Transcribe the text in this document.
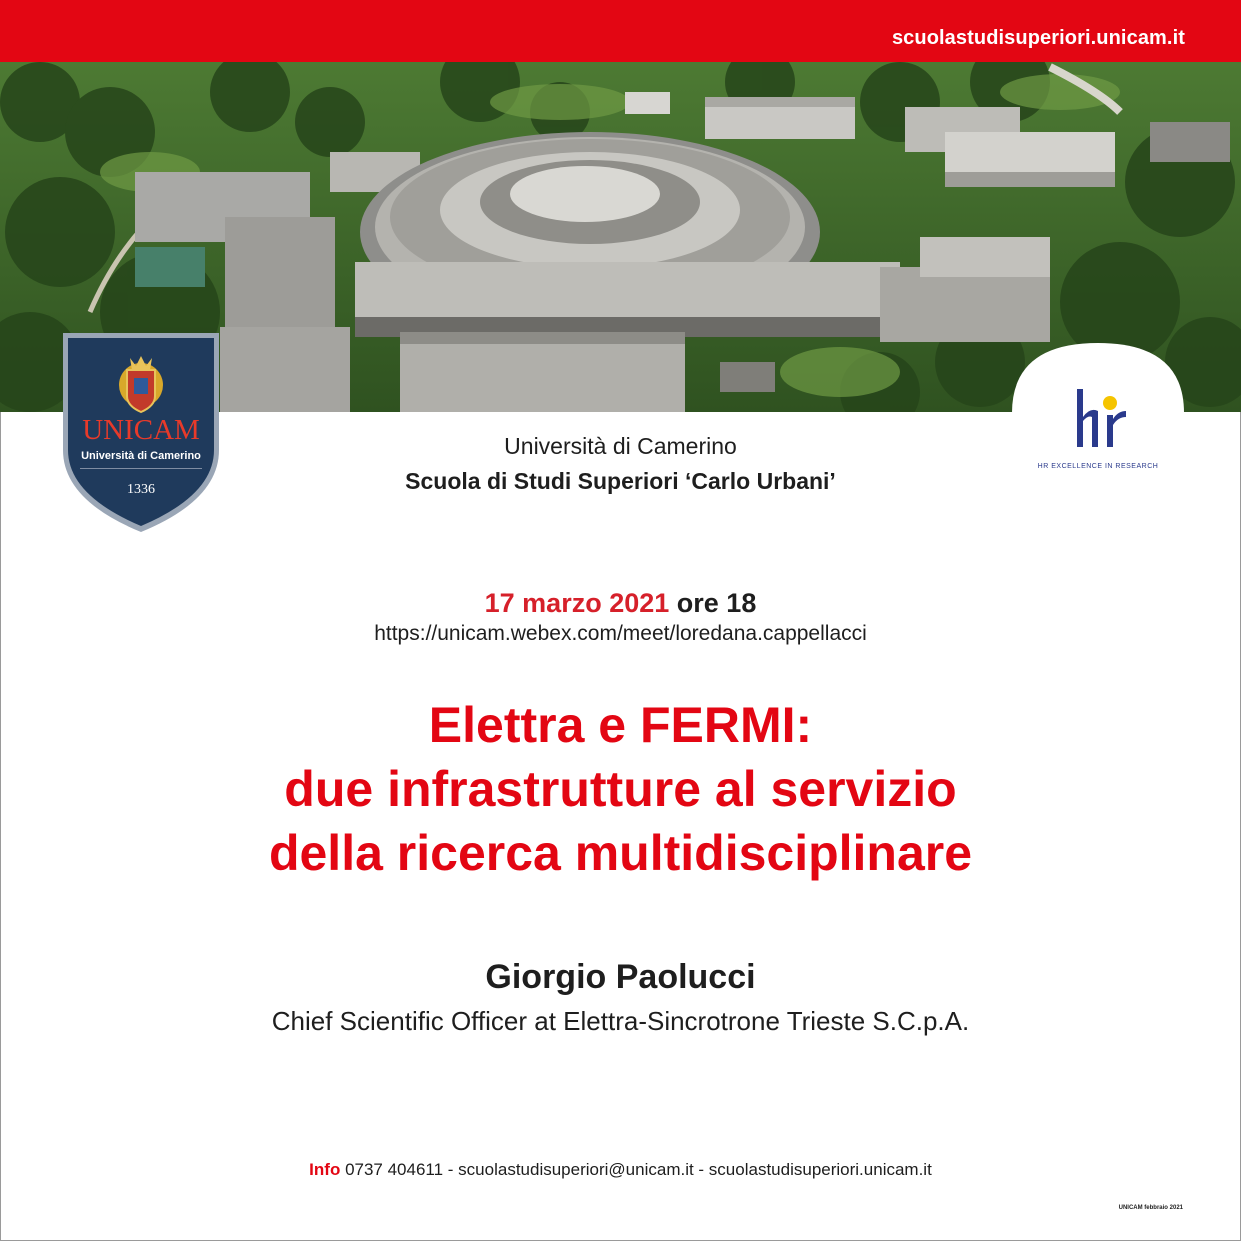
scuolastudisuperiori.unicam.it
UNICAM
Università di Camerino
1336
HR EXCELLENCE IN RESEARCH
Università di Camerino
Scuola di Studi Superiori ‘Carlo Urbani’
17 marzo 2021 ore 18
https://unicam.webex.com/meet/loredana.cappellacci
Elettra e FERMI:
due infrastrutture al servizio
della ricerca multidisciplinare
Giorgio Paolucci
Chief Scientific Officer at Elettra-Sincrotrone Trieste S.C.p.A.
Info 0737 404611 - scuolastudisuperiori@unicam.it - scuolastudisuperiori.unicam.it
UNICAM febbraio 2021
